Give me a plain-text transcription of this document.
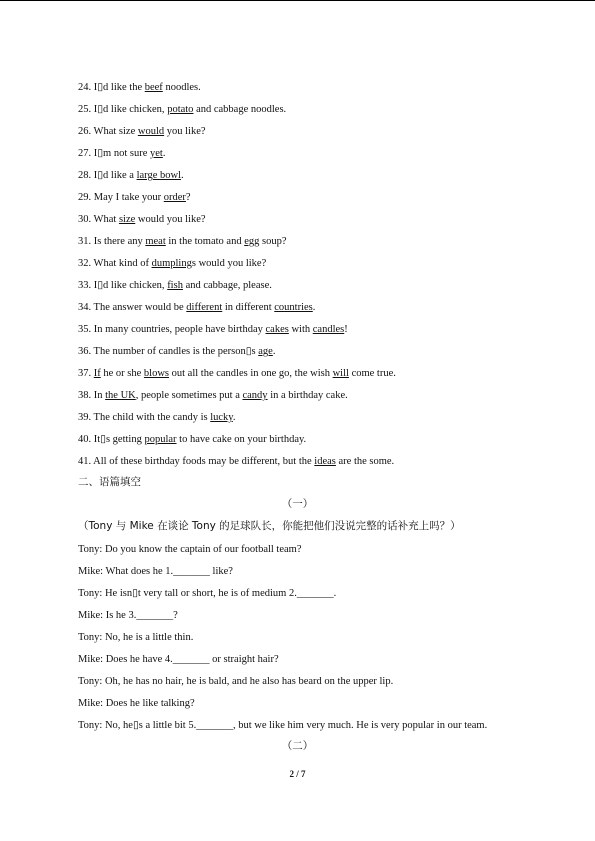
24. I▯d like the beef noodles.
25. I▯d like chicken, potato and cabbage noodles.
26. What size would you like?
27. I▯m not sure yet.
28. I▯d like a large bowl.
29. May I take your order?
30. What size would you like?
31. Is there any meat in the tomato and egg soup?
32. What kind of dumplings would you like?
33. I▯d like chicken, fish and cabbage, please.
34. The answer would be different in different countries.
35. In many countries, people have birthday cakes with candles!
36. The number of candles is the person▯s age.
37. If he or she blows out all the candles in one go, the wish will come true.
38. In the UK, people sometimes put a candy in a birthday cake.
39. The child with the candy is lucky.
40. It▯s getting popular to have cake on your birthday.
41. All of these birthday foods may be different, but the ideas are the some.
二、语篇填空
（一）
（Tony 与 Mike 在谈论 Tony 的足球队长，你能把他们没说完整的话补充上吗？）
Tony: Do you know the captain of our football team?
Mike: What does he 1._______ like?
Tony: He isn▯t very tall or short, he is of medium 2._______.
Mike: Is he 3._______?
Tony: No, he is a little thin.
Mike: Does he have 4._______ or straight hair?
Tony: Oh, he has no hair, he is bald, and he also has beard on the upper lip.
Mike: Does he like talking?
Tony: No, he▯s a little bit 5._______, but we like him very much. He is very popular in our team.
（二）
2 / 7
